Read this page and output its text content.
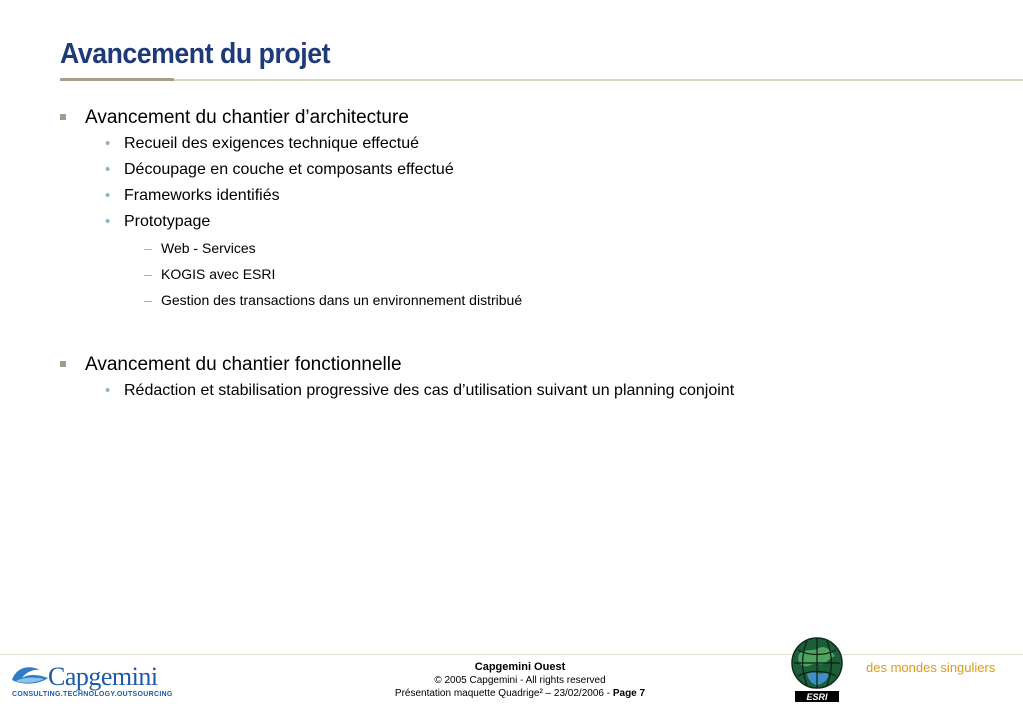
Avancement du projet
Avancement du chantier d’architecture
• Recueil des exigences technique effectué
• Découpage en couche et composants effectué
• Frameworks identifiés
• Prototypage
– Web - Services
– KOGIS avec ESRI
– Gestion des transactions dans un environnement distribué
Avancement du chantier fonctionnelle
• Rédaction et stabilisation progressive des cas d’utilisation suivant un planning conjoint
Capgemini
CONSULTING.TECHNOLOGY.OUTSOURCING
Capgemini Ouest
© 2005 Capgemini - All rights reserved
Présentation maquette Quadrige² – 23/02/2006 - Page 7	ESRI
des mondes singuliers
